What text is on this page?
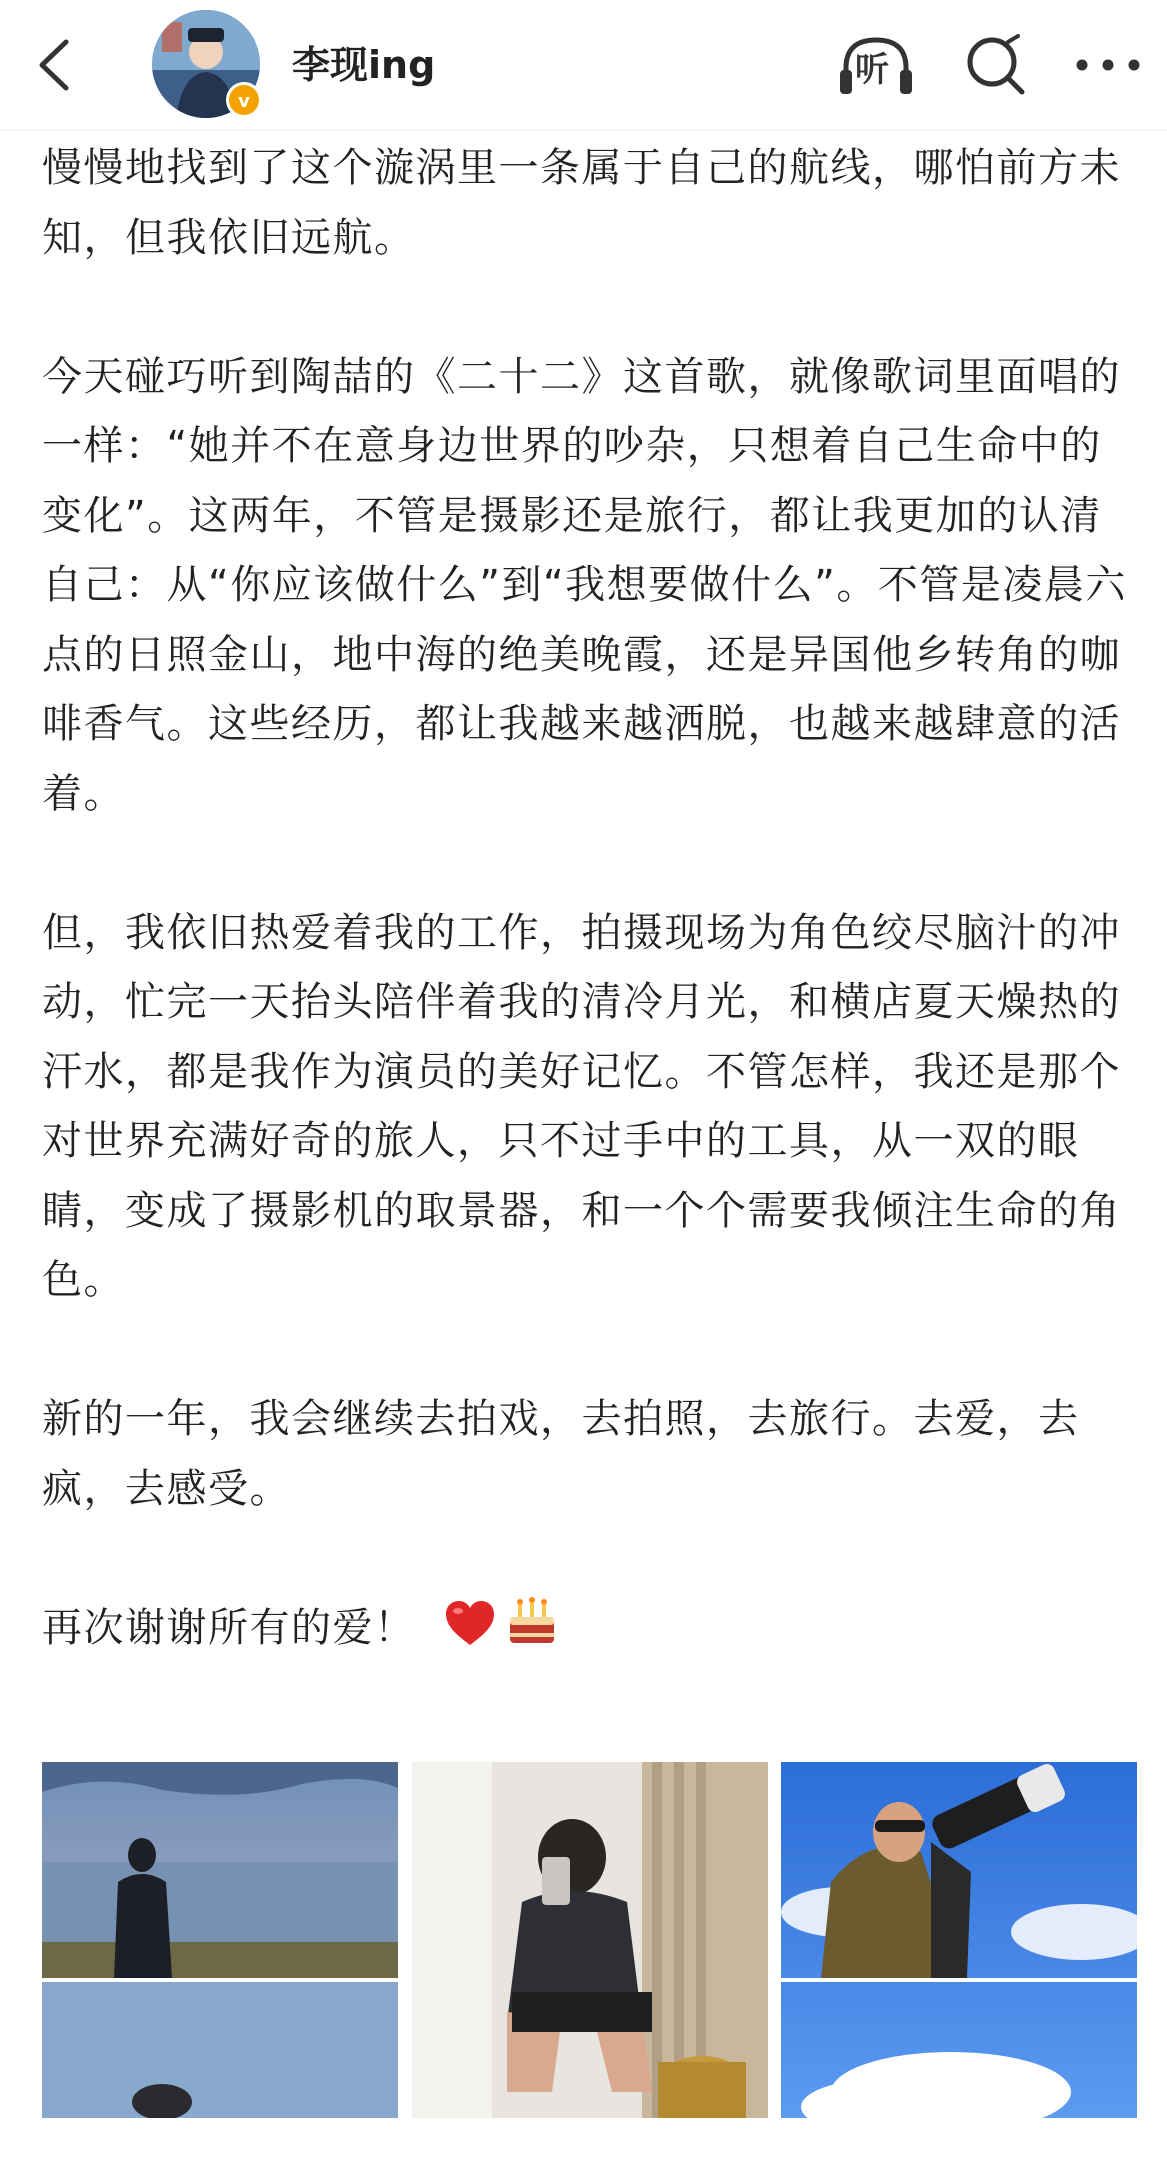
v
李现ing	听

慢慢地找到了这个漩涡里一条属于自己的航线，哪怕前方未知，但我依旧远航。

今天碰巧听到陶喆的《二十二》这首歌，就像歌词里面唱的一样：“她并不在意身边世界的吵杂，只想着自己生命中的变化”。这两年，不管是摄影还是旅行，都让我更加的认清自己：从“你应该做什么”到“我想要做什么”。不管是凌晨六点的日照金山，地中海的绝美晚霞，还是异国他乡转角的咖啡香气。这些经历，都让我越来越洒脱，也越来越肆意的活着。

但，我依旧热爱着我的工作，拍摄现场为角色绞尽脑汁的冲动，忙完一天抬头陪伴着我的清冷月光，和横店夏天燥热的汗水，都是我作为演员的美好记忆。不管怎样，我还是那个对世界充满好奇的旅人，只不过手中的工具，从一双的眼睛，变成了摄影机的取景器，和一个个需要我倾注生命的角色。

新的一年，我会继续去拍戏，去拍照，去旅行。去爱，去疯，去感受。

再次谢谢所有的爱！
